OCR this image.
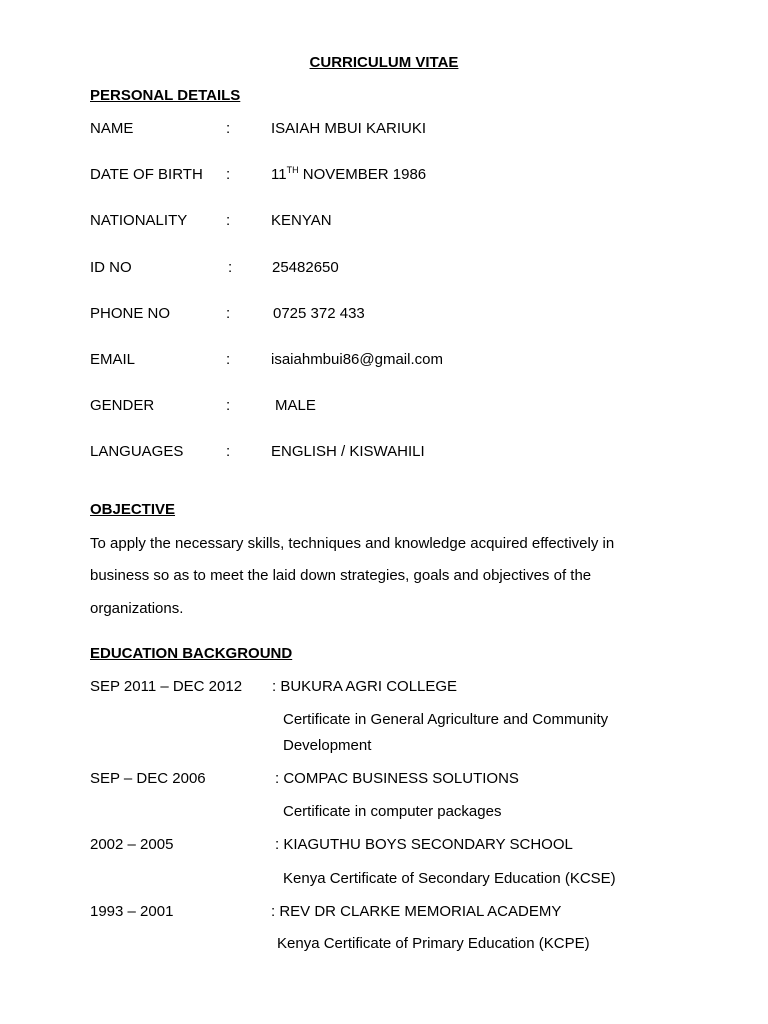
CURRICULUM VITAE
PERSONAL DETAILS
NAME	:	ISAIAH MBUI KARIUKI
DATE OF BIRTH :	11TH NOVEMBER 1986
NATIONALITY	:	KENYAN
ID NO	:	25482650
PHONE NO	:	0725 372 433
EMAIL	:	isaiahmbui86@gmail.com
GENDER	:	MALE
LANGUAGES	:	ENGLISH / KISWAHILI
OBJECTIVE
To apply the necessary skills, techniques and knowledge acquired effectively in
business so as to meet the laid down strategies, goals and objectives of the
organizations.
EDUCATION BACKGROUND
SEP 2011 – DEC 2012 : BUKURA AGRI COLLEGE
Certificate in General Agriculture and Community
Development
SEP – DEC 2006	: COMPAC BUSINESS SOLUTIONS
Certificate in computer packages
2002 – 2005	: KIAGUTHU BOYS SECONDARY SCHOOL
Kenya Certificate of Secondary Education (KCSE)
1993 – 2001	: REV DR CLARKE MEMORIAL ACADEMY
Kenya Certificate of Primary Education (KCPE)
